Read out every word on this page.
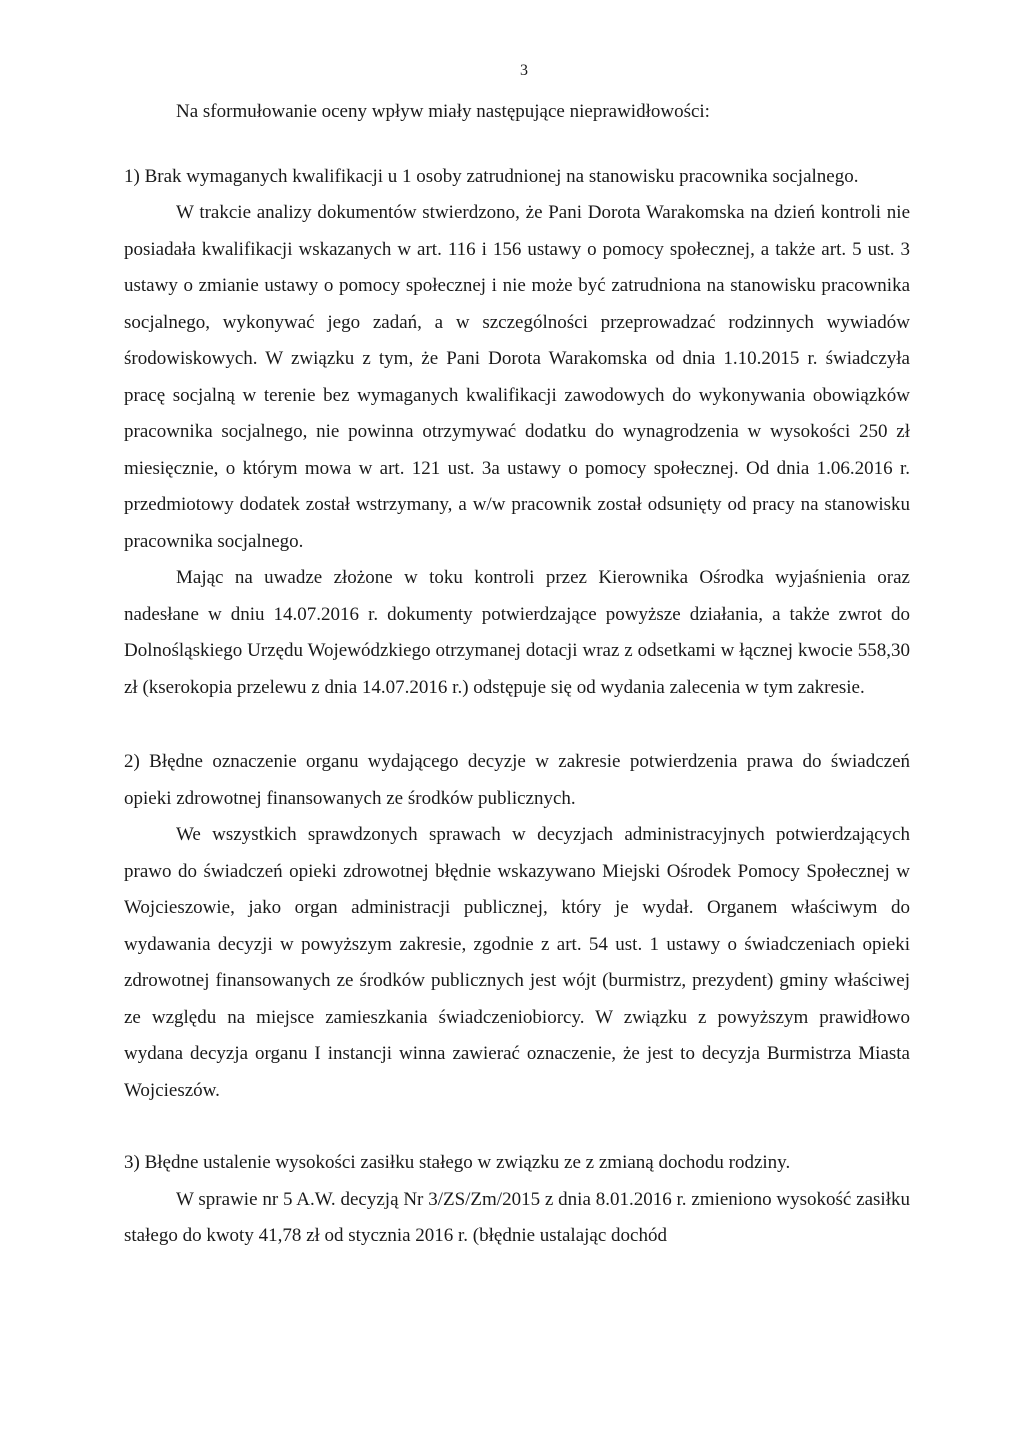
3

Na sformułowanie oceny wpływ miały następujące nieprawidłowości:

1) Brak wymaganych kwalifikacji u 1 osoby zatrudnionej na stanowisku pracownika socjalnego.

W trakcie analizy dokumentów stwierdzono, że Pani Dorota Warakomska na dzień kontroli nie posiadała kwalifikacji wskazanych w art. 116 i 156 ustawy o pomocy społecznej, a także art. 5 ust. 3 ustawy o zmianie ustawy o pomocy społecznej i nie może być zatrudniona na stanowisku pracownika socjalnego, wykonywać jego zadań, a w szczególności przeprowadzać rodzinnych wywiadów środowiskowych. W związku z tym, że Pani Dorota Warakomska od dnia 1.10.2015 r. świadczyła pracę socjalną w terenie bez wymaganych kwalifikacji zawodowych do wykonywania obowiązków pracownika socjalnego, nie powinna otrzymywać dodatku do wynagrodzenia w wysokości 250 zł miesięcznie, o którym mowa w art. 121 ust. 3a ustawy o pomocy społecznej. Od dnia 1.06.2016 r. przedmiotowy dodatek został wstrzymany, a w/w pracownik został odsunięty od pracy na stanowisku pracownika socjalnego.

Mając na uwadze złożone w toku kontroli przez Kierownika Ośrodka wyjaśnienia oraz nadesłane w dniu 14.07.2016 r. dokumenty potwierdzające powyższe działania, a także zwrot do Dolnośląskiego Urzędu Wojewódzkiego otrzymanej dotacji wraz z odsetkami w łącznej kwocie 558,30 zł (kserokopia przelewu z dnia 14.07.2016 r.) odstępuje się od wydania zalecenia w tym zakresie.

2) Błędne oznaczenie organu wydającego decyzje w zakresie potwierdzenia prawa do świadczeń opieki zdrowotnej finansowanych ze środków publicznych.

We wszystkich sprawdzonych sprawach w decyzjach administracyjnych potwierdzających prawo do świadczeń opieki zdrowotnej błędnie wskazywano Miejski Ośrodek Pomocy Społecznej w Wojcieszowie, jako organ administracji publicznej, który je wydał. Organem właściwym do wydawania decyzji w powyższym zakresie, zgodnie z art. 54 ust. 1 ustawy o świadczeniach opieki zdrowotnej finansowanych ze środków publicznych jest wójt (burmistrz, prezydent) gminy właściwej ze względu na miejsce zamieszkania świadczeniobiorcy. W związku z powyższym prawidłowo wydana decyzja organu I instancji winna zawierać oznaczenie, że jest to decyzja Burmistrza Miasta Wojcieszów.

3) Błędne ustalenie wysokości zasiłku stałego w związku ze z zmianą dochodu rodziny.

W sprawie nr 5 A.W. decyzją Nr 3/ZS/Zm/2015 z dnia 8.01.2016 r. zmieniono wysokość zasiłku stałego do kwoty 41,78 zł od stycznia 2016 r. (błędnie ustalając dochód
